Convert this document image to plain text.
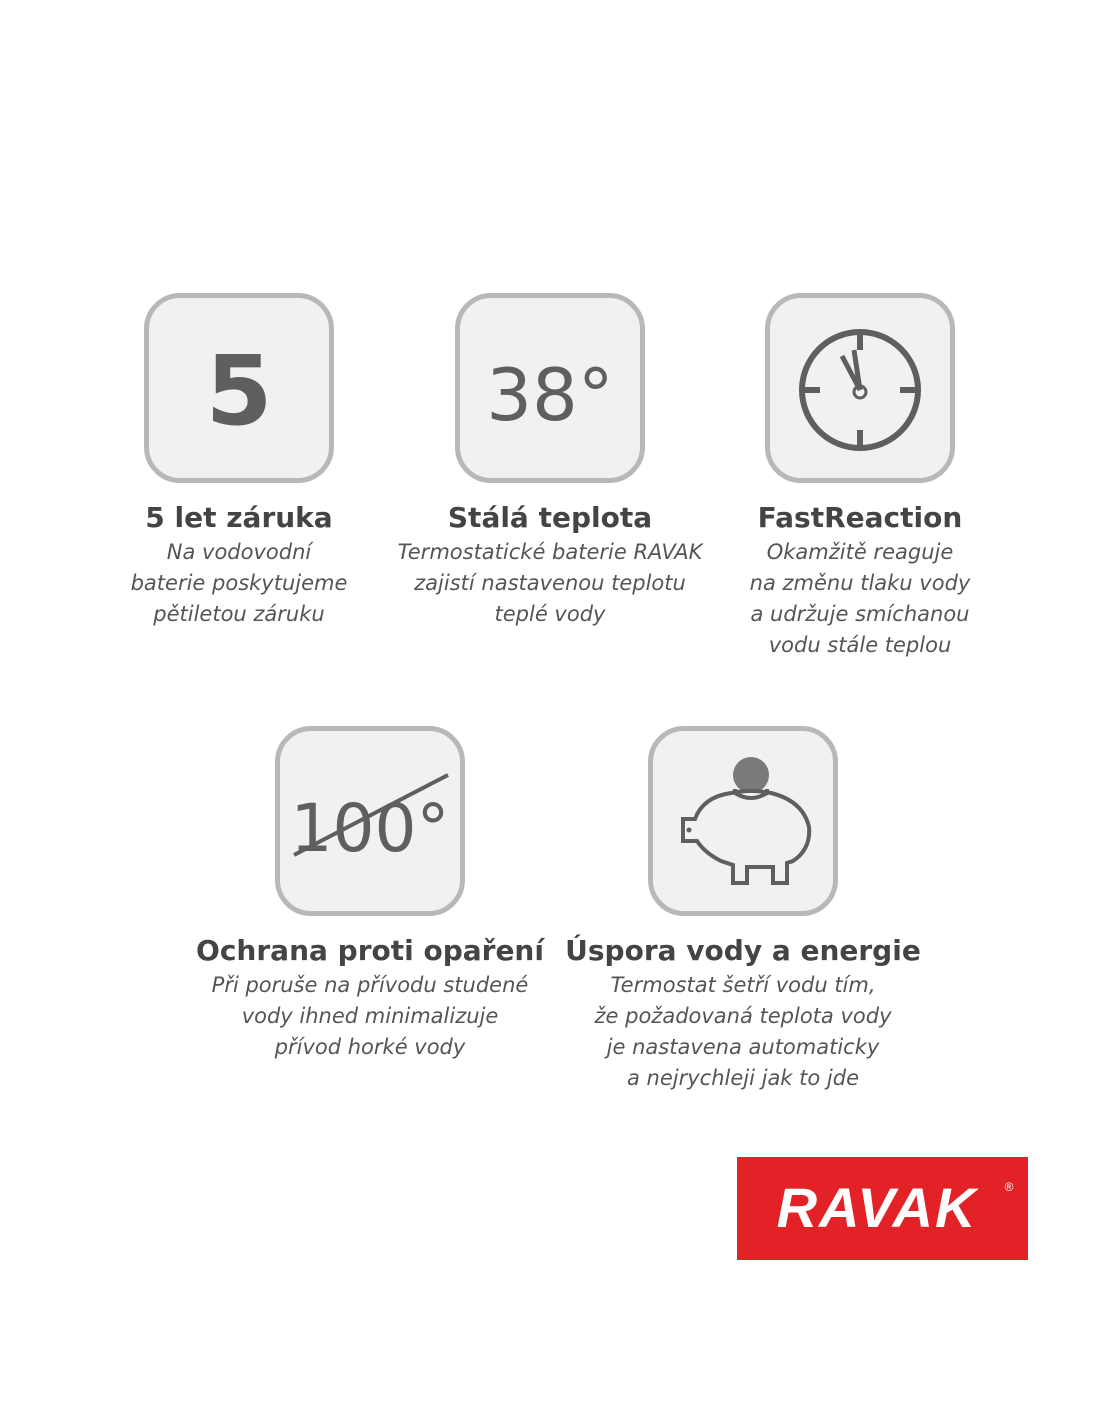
5
5 let záruka
Na vodovodní
baterie poskytujeme
pětiletou záruku
38°
Stálá teplota
Termostatické baterie RAVAK
zajistí nastavenou teplotu
teplé vody
FastReaction
Okamžitě reaguje
na změnu tlaku vody
a udržuje smíchanou
vodu stále teplou
100°
Ochrana proti opaření
Při poruše na přívodu studené
vody ihned minimalizuje
přívod horké vody
Úspora vody a energie
Termostat šetří vodu tím,
že požadovaná teplota vody
je nastavena automaticky
a nejrychleji jak to jde
RAVAK ®
